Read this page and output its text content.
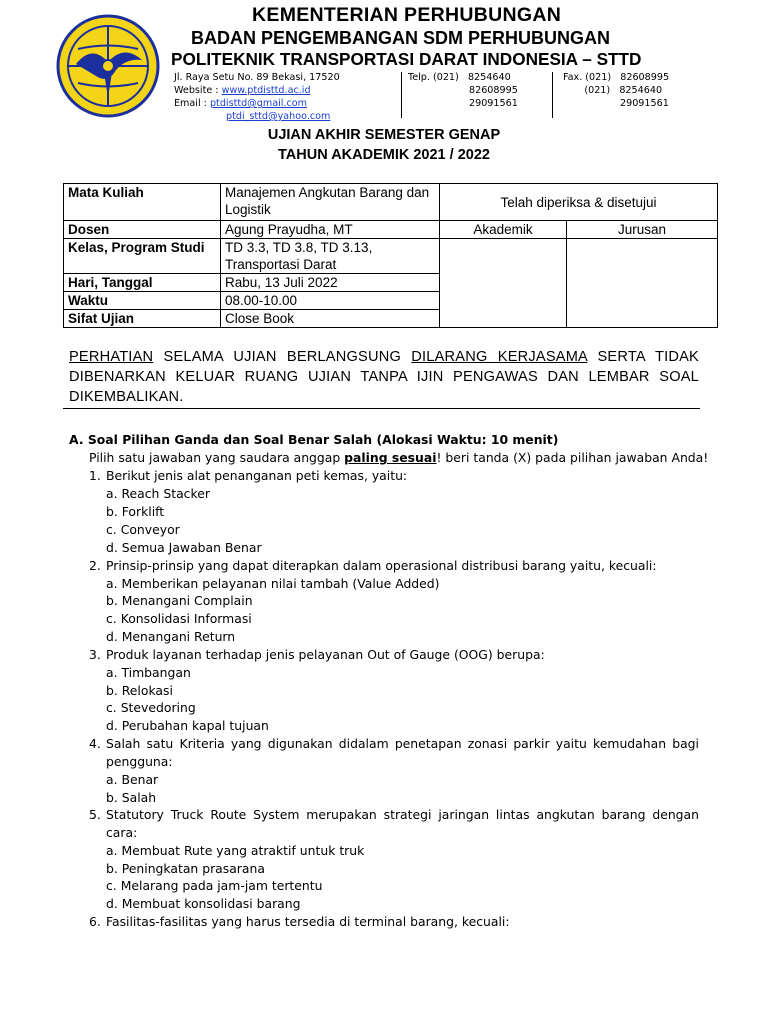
KEMENTERIAN PERHUBUNGAN
BADAN PENGEMBANGAN SDM PERHUBUNGAN
POLITEKNIK TRANSPORTASI DARAT INDONESIA – STTD
Jl. Raya Setu No. 89 Bekasi, 17520
Website : www.ptdisttd.ac.id
Email : ptdisttd@gmail.com
ptdi_sttd@yahoo.com
Telp. (021) 8254640
82608995
29091561
Fax. (021) 82608995
(021) 8254640
29091561
UJIAN AKHIR SEMESTER GENAP
TAHUN AKADEMIK 2021 / 2022
Mata Kuliah	Manajemen Angkutan Barang dan Logistik	Telah diperiksa & disetujui	
Dosen	Agung Prayudha, MT	Akademik	Jurusan
Kelas, Program Studi	TD 3.3, TD 3.8, TD 3.13, Transportasi Darat		
Hari, Tanggal	Rabu, 13 Juli 2022		
Waktu	08.00-10.00		
Sifat Ujian	Close Book		
PERHATIAN SELAMA UJIAN BERLANGSUNG DILARANG KERJASAMA SERTA TIDAK DIBENARKAN KELUAR RUANG UJIAN TANPA IJIN PENGAWAS DAN LEMBAR SOAL DIKEMBALIKAN.
A. Soal Pilihan Ganda dan Soal Benar Salah (Alokasi Waktu: 10 menit)
Pilih satu jawaban yang saudara anggap paling sesuai! beri tanda (X) pada pilihan jawaban Anda!
1. Berikut jenis alat penanganan peti kemas, yaitu:
a. Reach Stacker
b. Forklift
c. Conveyor
d. Semua Jawaban Benar
2. Prinsip-prinsip yang dapat diterapkan dalam operasional distribusi barang yaitu, kecuali:
a. Memberikan pelayanan nilai tambah (Value Added)
b. Menangani Complain
c. Konsolidasi Informasi
d. Menangani Return
3. Produk layanan terhadap jenis pelayanan Out of Gauge (OOG) berupa:
a. Timbangan
b. Relokasi
c. Stevedoring
d. Perubahan kapal tujuan
4. Salah satu Kriteria yang digunakan didalam penetapan zonasi parkir yaitu kemudahan bagi pengguna:
a. Benar
b. Salah
5. Statutory Truck Route System merupakan strategi jaringan lintas angkutan barang dengan cara:
a. Membuat Rute yang atraktif untuk truk
b. Peningkatan prasarana
c. Melarang pada jam-jam tertentu
d. Membuat konsolidasi barang
6. Fasilitas-fasilitas yang harus tersedia di terminal barang, kecuali:
